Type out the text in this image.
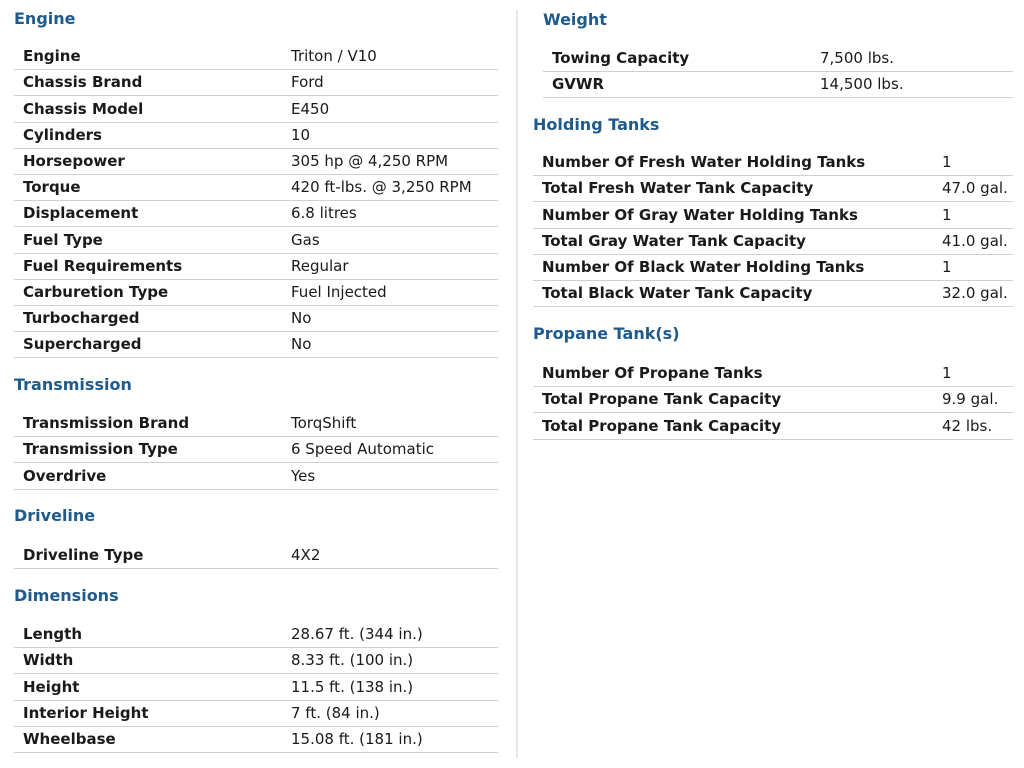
Engine
Engine	Triton / V10
Chassis Brand	Ford
Chassis Model	E450
Cylinders	10
Horsepower	305 hp @ 4,250 RPM
Torque	420 ft-lbs. @ 3,250 RPM
Displacement	6.8 litres
Fuel Type	Gas
Fuel Requirements	Regular
Carburetion Type	Fuel Injected
Turbocharged	No
Supercharged	No
Transmission
Transmission Brand	TorqShift
Transmission Type	6 Speed Automatic
Overdrive	Yes
Driveline
Driveline Type	4X2
Dimensions
Length	28.67 ft. (344 in.)
Width	8.33 ft. (100 in.)
Height	11.5 ft. (138 in.)
Interior Height	7 ft. (84 in.)
Wheelbase	15.08 ft. (181 in.)
Weight
Towing Capacity	7,500 lbs.
GVWR	14,500 lbs.
Holding Tanks
Number Of Fresh Water Holding Tanks	1
Total Fresh Water Tank Capacity	47.0 gal.
Number Of Gray Water Holding Tanks	1
Total Gray Water Tank Capacity	41.0 gal.
Number Of Black Water Holding Tanks	1
Total Black Water Tank Capacity	32.0 gal.
Propane Tank(s)
Number Of Propane Tanks	1
Total Propane Tank Capacity	9.9 gal.
Total Propane Tank Capacity	42 lbs.
